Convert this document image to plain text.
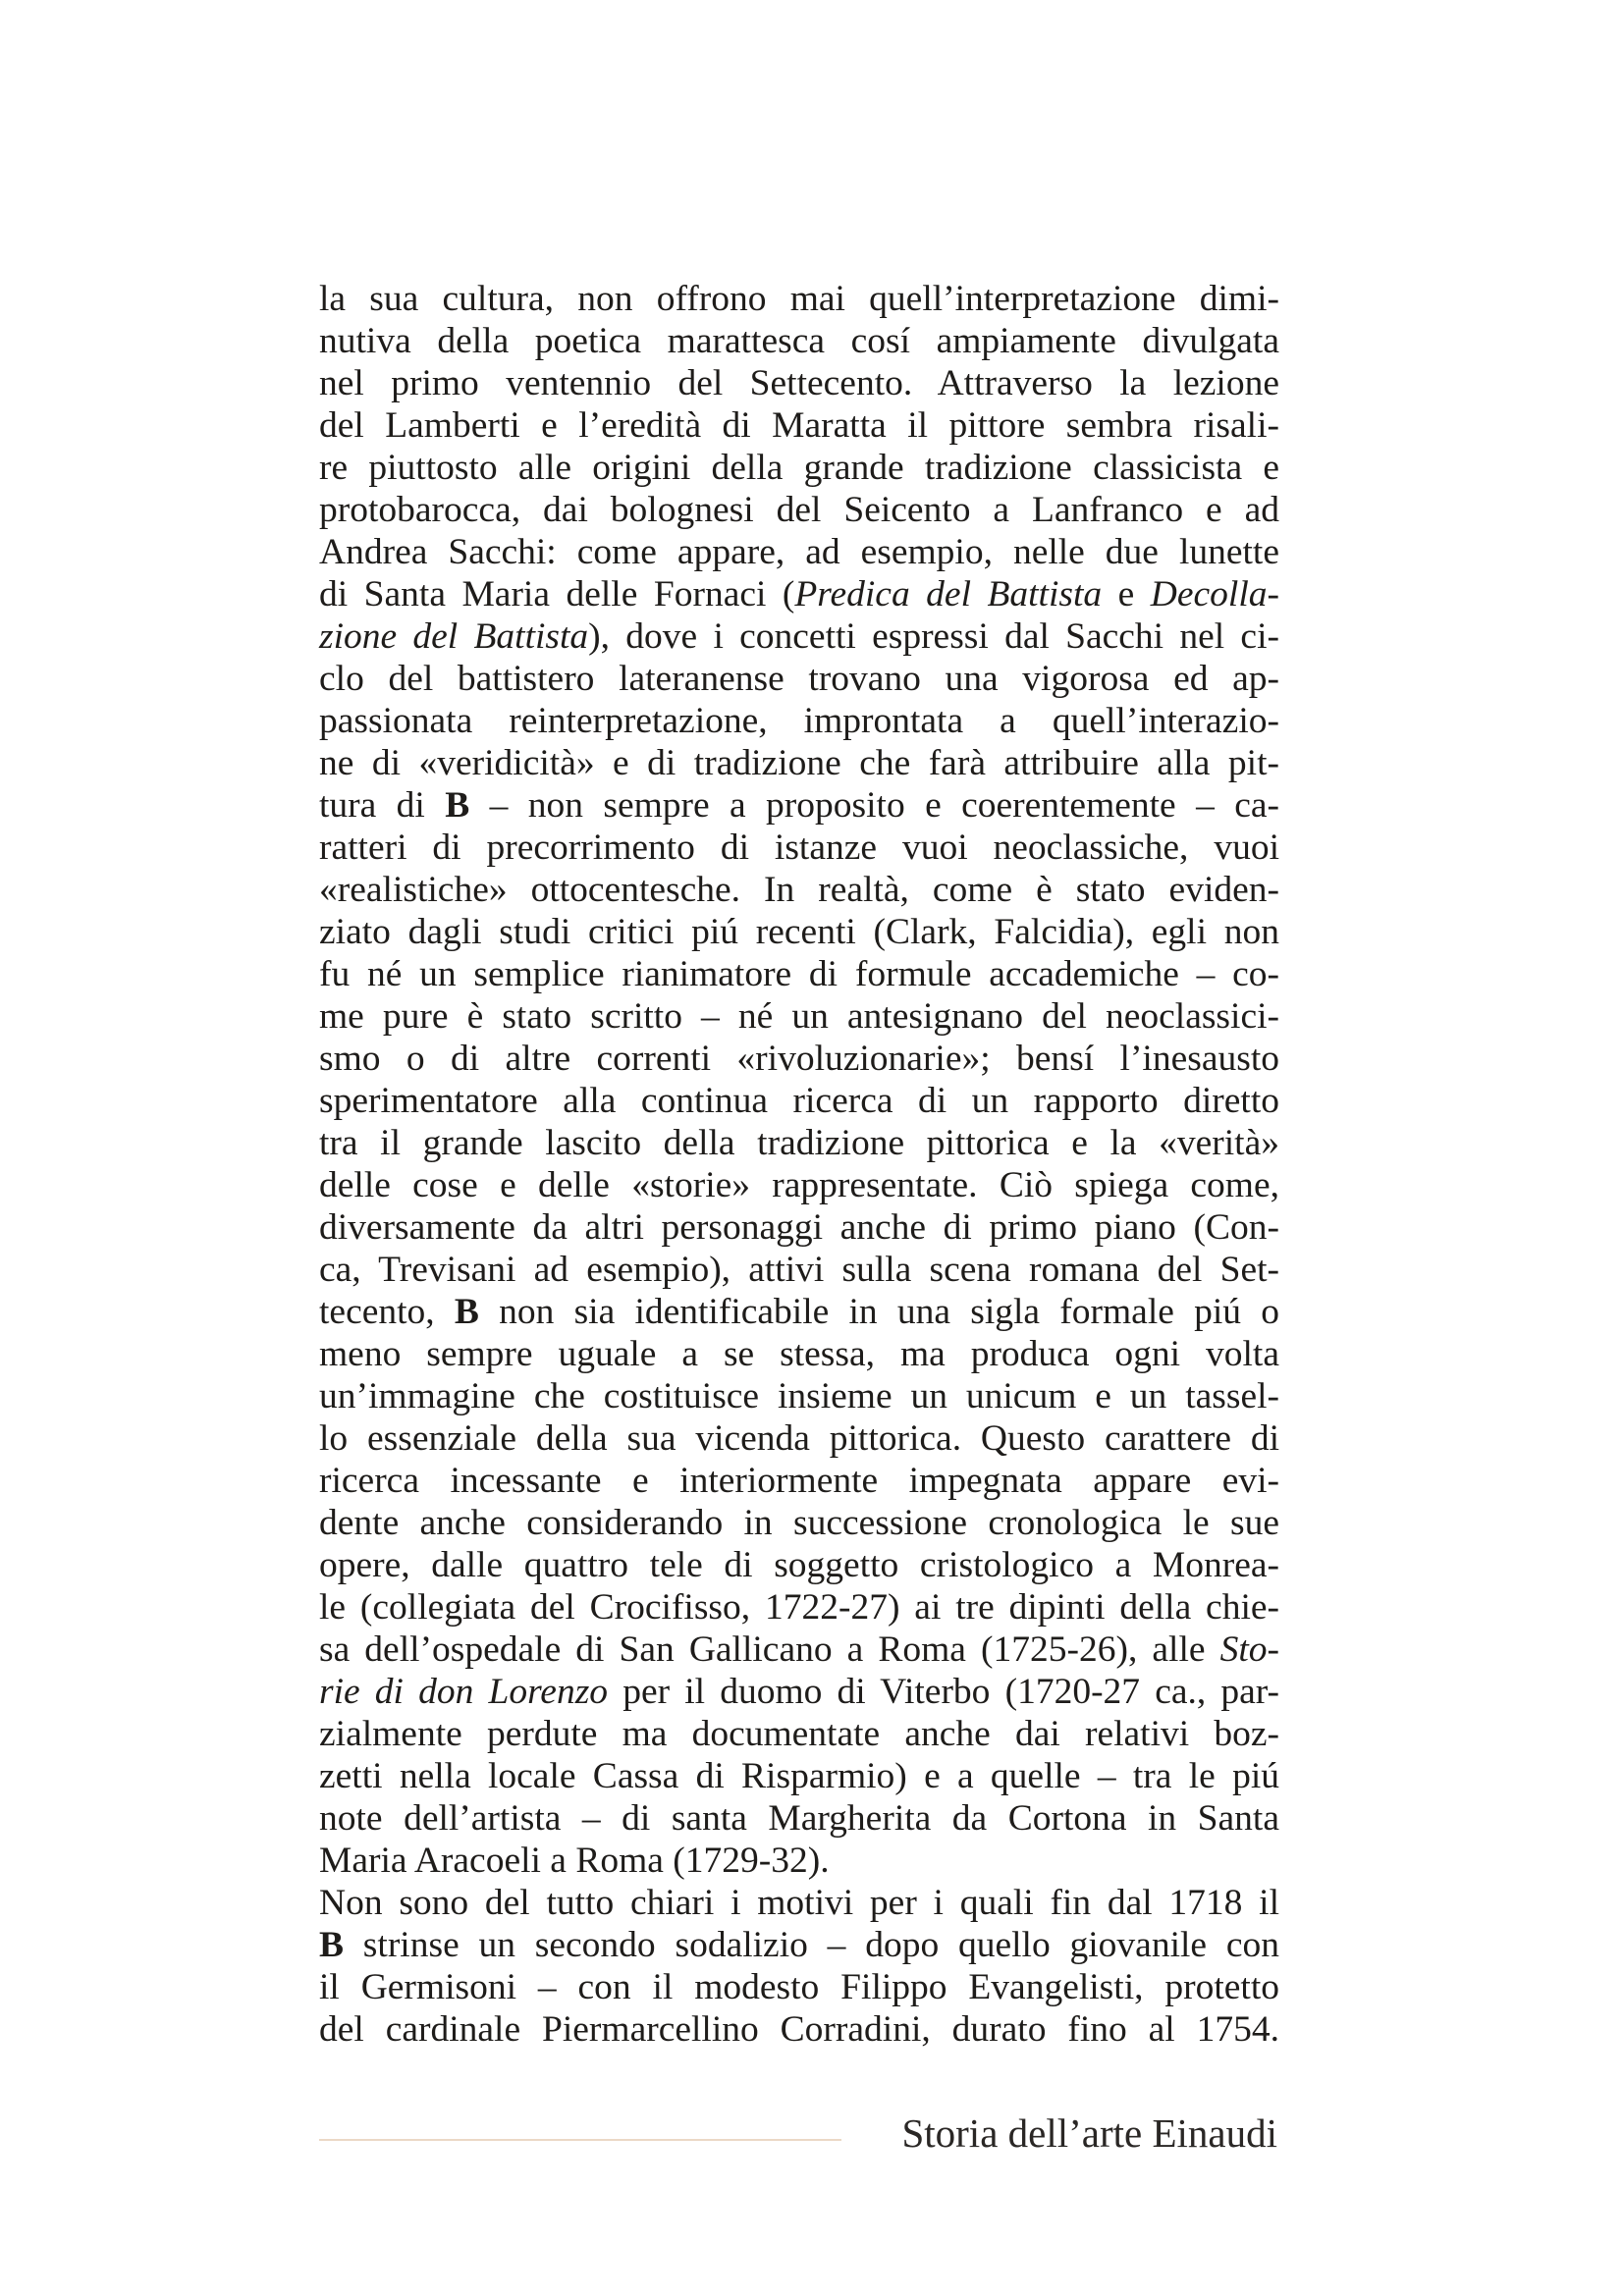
la sua cultura, non offrono mai quell’interpretazione dimi-
nutiva della poetica marattesca cosí ampiamente divulgata
nel primo ventennio del Settecento. Attraverso la lezione
del Lamberti e l’eredità di Maratta il pittore sembra risali-
re piuttosto alle origini della grande tradizione classicista e
protobarocca, dai bolognesi del Seicento a Lanfranco e ad
Andrea Sacchi: come appare, ad esempio, nelle due lunette
di Santa Maria delle Fornaci (Predica del Battista e Decolla-
zione del Battista), dove i concetti espressi dal Sacchi nel ci-
clo del battistero lateranense trovano una vigorosa ed ap-
passionata reinterpretazione, improntata a quell’interazio-
ne di «veridicità» e di tradizione che farà attribuire alla pit-
tura di B – non sempre a proposito e coerentemente – ca-
ratteri di precorrimento di istanze vuoi neoclassiche, vuoi
«realistiche» ottocentesche. In realtà, come è stato eviden-
ziato dagli studi critici piú recenti (Clark, Falcidia), egli non
fu né un semplice rianimatore di formule accademiche – co-
me pure è stato scritto – né un antesignano del neoclassici-
smo o di altre correnti «rivoluzionarie»; bensí l’inesausto
sperimentatore alla continua ricerca di un rapporto diretto
tra il grande lascito della tradizione pittorica e la «verità»
delle cose e delle «storie» rappresentate. Ciò spiega come,
diversamente da altri personaggi anche di primo piano (Con-
ca, Trevisani ad esempio), attivi sulla scena romana del Set-
tecento, B non sia identificabile in una sigla formale piú o
meno sempre uguale a se stessa, ma produca ogni volta
un’immagine che costituisce insieme un unicum e un tassel-
lo essenziale della sua vicenda pittorica. Questo carattere di
ricerca incessante e interiormente impegnata appare evi-
dente anche considerando in successione cronologica le sue
opere, dalle quattro tele di soggetto cristologico a Monrea-
le (collegiata del Crocifisso, 1722-27) ai tre dipinti della chie-
sa dell’ospedale di San Gallicano a Roma (1725-26), alle Sto-
rie di don Lorenzo per il duomo di Viterbo (1720-27 ca., par-
zialmente perdute ma documentate anche dai relativi boz-
zetti nella locale Cassa di Risparmio) e a quelle – tra le piú
note dell’artista – di santa Margherita da Cortona in Santa
Maria Aracoeli a Roma (1729-32).
Non sono del tutto chiari i motivi per i quali fin dal 1718 il
B strinse un secondo sodalizio – dopo quello giovanile con
il Germisoni – con il modesto Filippo Evangelisti, protetto
del cardinale Piermarcellino Corradini, durato fino al 1754.
Storia dell’arte Einaudi
